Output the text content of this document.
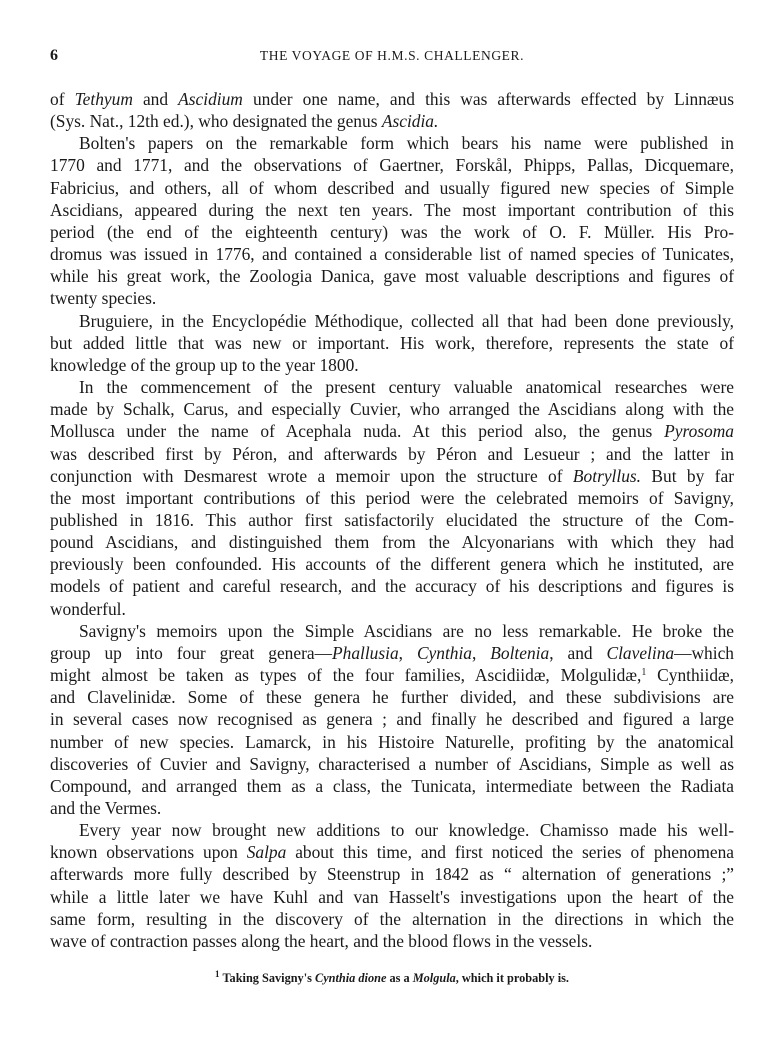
6	THE VOYAGE OF H.M.S. CHALLENGER.

of Tethyum and Ascidium under one name, and this was afterwards effected by Linnæus
(Sys. Nat., 12th ed.), who designated the genus Ascidia.

Bolten's papers on the remarkable form which bears his name were published in
1770 and 1771, and the observations of Gaertner, Forskål, Phipps, Pallas, Dicquemare,
Fabricius, and others, all of whom described and usually figured new species of Simple
Ascidians, appeared during the next ten years. The most important contribution of this
period (the end of the eighteenth century) was the work of O. F. Müller. His Pro-
dromus was issued in 1776, and contained a considerable list of named species of Tunicates,
while his great work, the Zoologia Danica, gave most valuable descriptions and figures of
twenty species.

Bruguiere, in the Encyclopédie Méthodique, collected all that had been done previously,
but added little that was new or important. His work, therefore, represents the state of
knowledge of the group up to the year 1800.

In the commencement of the present century valuable anatomical researches were
made by Schalk, Carus, and especially Cuvier, who arranged the Ascidians along with the
Mollusca under the name of Acephala nuda. At this period also, the genus Pyrosoma
was described first by Péron, and afterwards by Péron and Lesueur ; and the latter in
conjunction with Desmarest wrote a memoir upon the structure of Botryllus. But by far
the most important contributions of this period were the celebrated memoirs of Savigny,
published in 1816. This author first satisfactorily elucidated the structure of the Com-
pound Ascidians, and distinguished them from the Alcyonarians with which they had
previously been confounded. His accounts of the different genera which he instituted, are
models of patient and careful research, and the accuracy of his descriptions and figures is
wonderful.

Savigny's memoirs upon the Simple Ascidians are no less remarkable. He broke the
group up into four great genera—Phallusia, Cynthia, Boltenia, and Clavelina—which
might almost be taken as types of the four families, Ascidiidæ, Molgulidæ,$^1$ Cynthiidæ,
and Clavelinidæ. Some of these genera he further divided, and these subdivisions are
in several cases now recognised as genera ; and finally he described and figured a large
number of new species. Lamarck, in his Histoire Naturelle, profiting by the anatomical
discoveries of Cuvier and Savigny, characterised a number of Ascidians, Simple as well as
Compound, and arranged them as a class, the Tunicata, intermediate between the Radiata
and the Vermes.

Every year now brought new additions to our knowledge. Chamisso made his well-
known observations upon Salpa about this time, and first noticed the series of phenomena
afterwards more fully described by Steenstrup in 1842 as “ alternation of generations ;”
while a little later we have Kuhl and van Hasselt's investigations upon the heart of the
same form, resulting in the discovery of the alternation in the directions in which the
wave of contraction passes along the heart, and the blood flows in the vessels.

$^1$ Taking Savigny's Cynthia dione as a Molgula, which it probably is.
